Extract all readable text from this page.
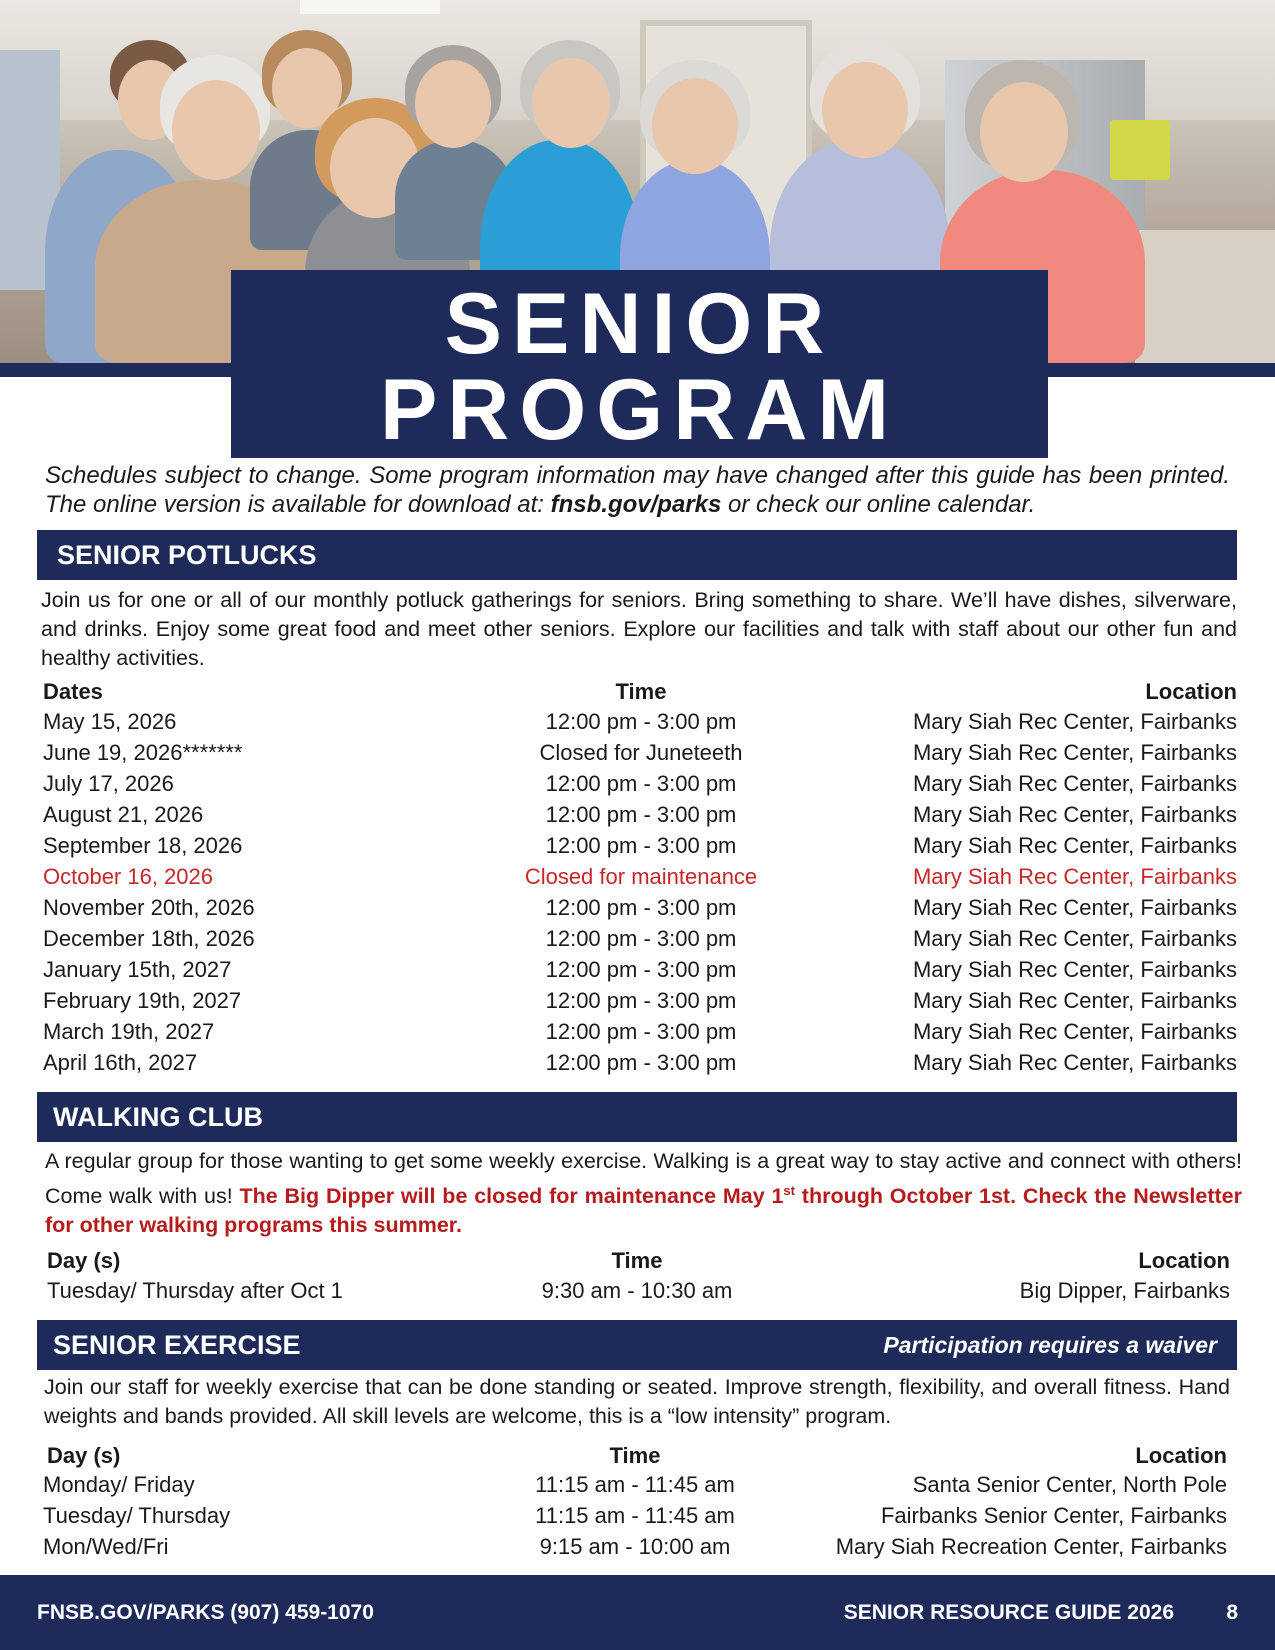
SENIOR
PROGRAM
Schedules subject to change. Some program information may have changed after this guide has been printed. The online version is available for download at: fnsb.gov/parks or check our online calendar.
SENIOR POTLUCKS
Join us for one or all of our monthly potluck gatherings for seniors. Bring something to share. We’ll have dishes, silverware, and drinks. Enjoy some great food and meet other seniors. Explore our facilities and talk with staff about our other fun and healthy activities.
Dates	Time	Location
May 15, 2026	12:00 pm - 3:00 pm	Mary Siah Rec Center, Fairbanks
June 19, 2026*******	Closed for Juneteeth	Mary Siah Rec Center, Fairbanks
July 17, 2026	12:00 pm - 3:00 pm	Mary Siah Rec Center, Fairbanks
August 21, 2026	12:00 pm - 3:00 pm	Mary Siah Rec Center, Fairbanks
September 18, 2026	12:00 pm - 3:00 pm	Mary Siah Rec Center, Fairbanks
October 16, 2026	Closed for maintenance	Mary Siah Rec Center, Fairbanks
November 20th, 2026	12:00 pm - 3:00 pm	Mary Siah Rec Center, Fairbanks
December 18th, 2026	12:00 pm - 3:00 pm	Mary Siah Rec Center, Fairbanks
January 15th, 2027	12:00 pm - 3:00 pm	Mary Siah Rec Center, Fairbanks
February 19th, 2027	12:00 pm - 3:00 pm	Mary Siah Rec Center, Fairbanks
March 19th, 2027	12:00 pm - 3:00 pm	Mary Siah Rec Center, Fairbanks
April 16th, 2027	12:00 pm - 3:00 pm	Mary Siah Rec Center, Fairbanks
WALKING CLUB
A regular group for those wanting to get some weekly exercise. Walking is a great way to stay active and connect with others! Come walk with us! The Big Dipper will be closed for maintenance May 1st through October 1st. Check the Newsletter for other walking programs this summer.
Day (s)	Time	Location
Tuesday/ Thursday after Oct 1	9:30 am - 10:30 am	Big Dipper, Fairbanks
SENIOR EXERCISE	Participation requires a waiver
Join our staff for weekly exercise that can be done standing or seated. Improve strength, flexibility, and overall fitness. Hand weights and bands provided. All skill levels are welcome, this is a “low intensity” program.
Day (s)	Time	Location
Monday/ Friday	11:15 am - 11:45 am	Santa Senior Center, North Pole
Tuesday/ Thursday	11:15 am - 11:45 am	Fairbanks Senior Center, Fairbanks
Mon/Wed/Fri	9:15 am - 10:00 am	Mary Siah Recreation Center, Fairbanks
FNSB.GOV/PARKS (907) 459-1070	SENIOR RESOURCE GUIDE 2026 8
